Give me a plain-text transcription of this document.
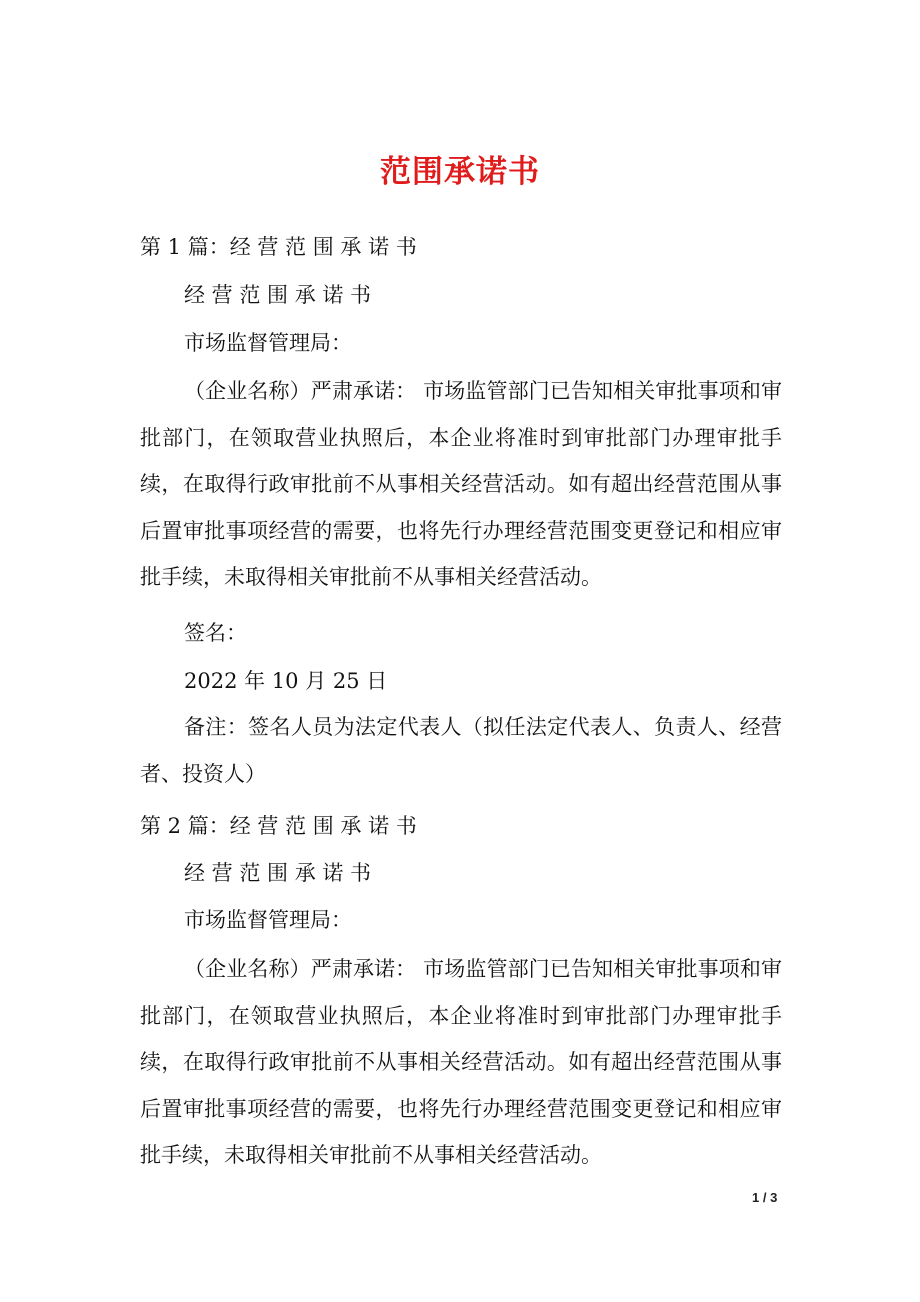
范围承诺书
第 1 篇：经 营 范 围 承 诺 书
经 营 范 围 承 诺 书
市场监督管理局：
（企业名称）严肃承诺： 市场监管部门已告知相关审批事项和审批部门，在领取营业执照后，本企业将准时到审批部门办理审批手续，在取得行政审批前不从事相关经营活动。如有超出经营范围从事后置审批事项经营的需要，也将先行办理经营范围变更登记和相应审批手续，未取得相关审批前不从事相关经营活动。
签名：
2022 年 10 月 25 日
备注：签名人员为法定代表人（拟任法定代表人、负责人、经营者、投资人）
第 2 篇：经 营 范 围 承 诺 书
经 营 范 围 承 诺 书
市场监督管理局：
（企业名称）严肃承诺： 市场监管部门已告知相关审批事项和审批部门，在领取营业执照后，本企业将准时到审批部门办理审批手续，在取得行政审批前不从事相关经营活动。如有超出经营范围从事后置审批事项经营的需要，也将先行办理经营范围变更登记和相应审批手续，未取得相关审批前不从事相关经营活动。
1 / 3
